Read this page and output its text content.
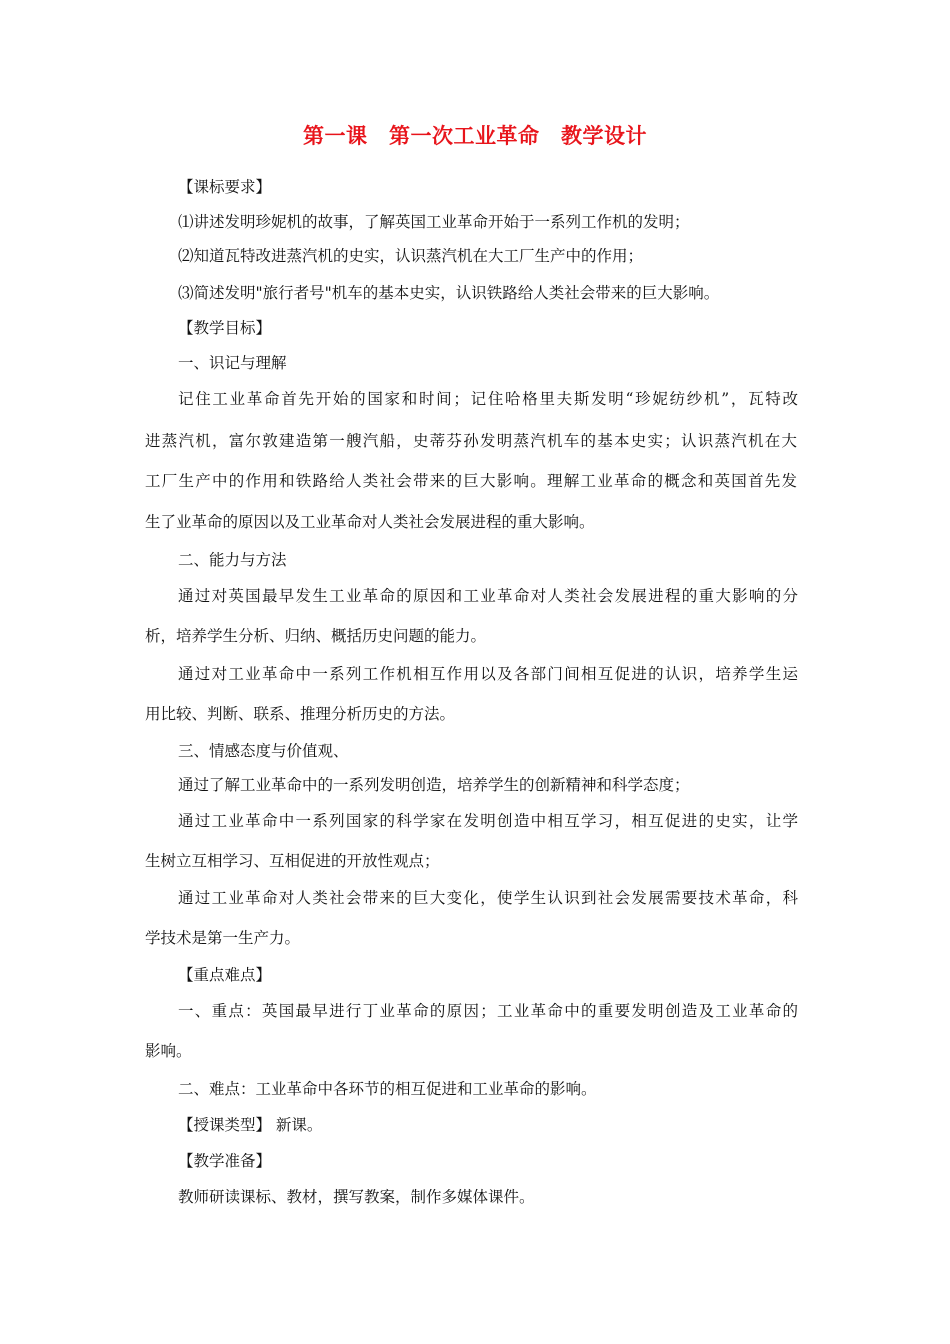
第一课　第一次工业革命　教学设计
【课标要求】
⑴讲述发明珍妮机的故事，了解英国工业革命开始于一系列工作机的发明；
⑵知道瓦特改进蒸汽机的史实，认识蒸汽机在大工厂生产中的作用；
⑶简述发明"旅行者号"机车的基本史实，认识铁路给人类社会带来的巨大影响。
【教学目标】
一、识记与理解
记住工业革命首先开始的国家和时间；记住哈格里夫斯发明“珍妮纺纱机”，瓦特改
进蒸汽机，富尔敦建造第一艘汽船，史蒂芬孙发明蒸汽机车的基本史实；认识蒸汽机在大
工厂生产中的作用和铁路给人类社会带来的巨大影响。理解工业革命的概念和英国首先发
生了业革命的原因以及工业革命对人类社会发展进程的重大影响。
二、能力与方法
通过对英国最早发生工业革命的原因和工业革命对人类社会发展进程的重大影响的分
析，培养学生分析、归纳、概括历史问题的能力。
通过对工业革命中一系列工作机相互作用以及各部门间相互促进的认识，培养学生运
用比较、判断、联系、推理分析历史的方法。
三、情感态度与价值观、
通过了解工业革命中的一系列发明创造，培养学生的创新精神和科学态度；
通过工业革命中一系列国家的科学家在发明创造中相互学习，相互促进的史实，让学
生树立互相学习、互相促进的开放性观点；
通过工业革命对人类社会带来的巨大变化，使学生认识到社会发展需要技术革命，科
学技术是第一生产力。
【重点难点】
一、重点：英国最早进行丁业革命的原因；工业革命中的重要发明创造及工业革命的
影响。
二、难点：工业革命中各环节的相互促进和工业革命的影响。
【授课类型】 新课。
【教学准备】
教师研读课标、教材，撰写教案，制作多媒体课件。
